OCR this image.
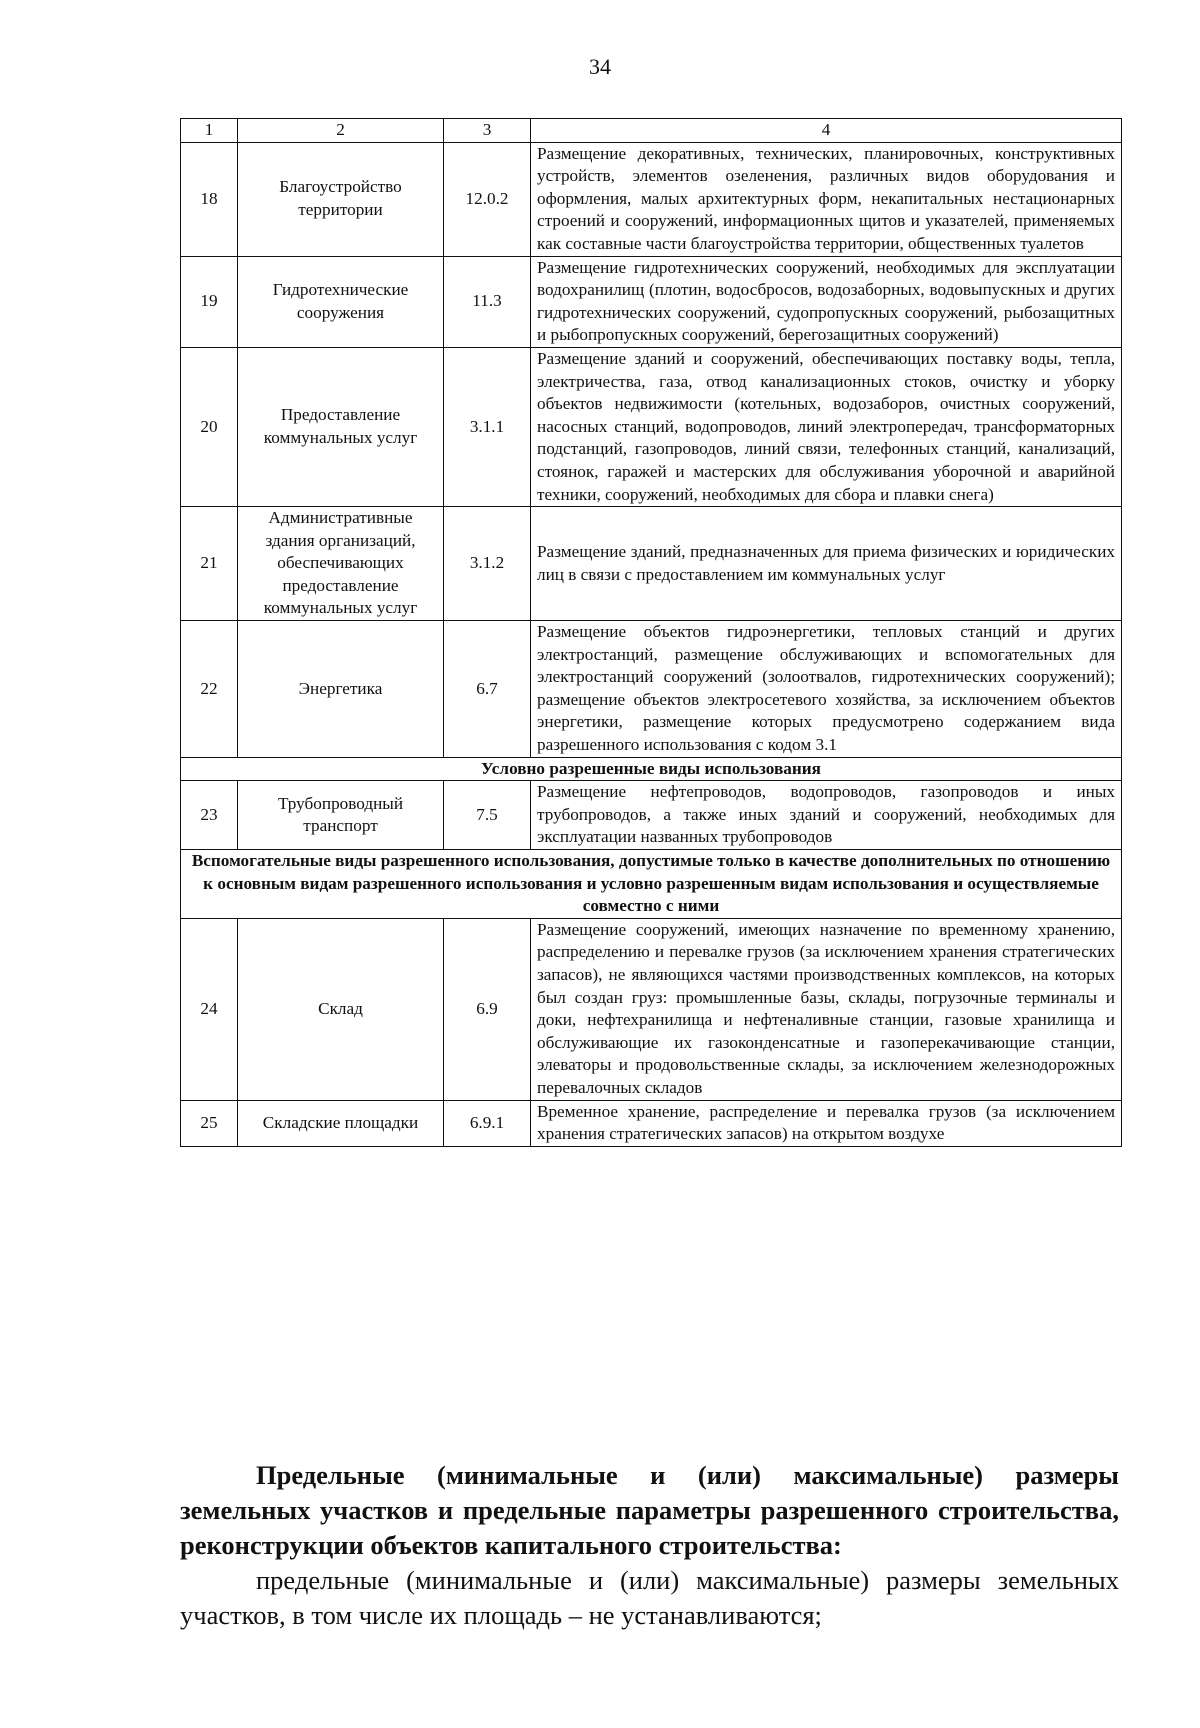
34
1	2	3	4
18	Благоустройство территории	12.0.2	Размещение декоративных, технических, планировочных, конструктивных устройств, элементов озеленения, различных видов оборудования и оформления, малых архитектурных форм, некапитальных нестационарных строений и сооружений, информационных щитов и указателей, применяемых как составные части благоустройства территории, общественных туалетов
19	Гидротехнические сооружения	11.3	Размещение гидротехнических сооружений, необходимых для эксплуатации водохранилищ (плотин, водосбросов, водозаборных, водовыпускных и других гидротехнических сооружений, судопропускных сооружений, рыбозащитных и рыбопропускных сооружений, берегозащитных сооружений)
20	Предоставление коммунальных услуг	3.1.1	Размещение зданий и сооружений, обеспечивающих поставку воды, тепла, электричества, газа, отвод канализационных стоков, очистку и уборку объектов недвижимости (котельных, водозаборов, очистных сооружений, насосных станций, водопроводов, линий электропередач, трансформаторных подстанций, газопроводов, линий связи, телефонных станций, канализаций, стоянок, гаражей и мастерских для обслуживания уборочной и аварийной техники, сооружений, необходимых для сбора и плавки снега)
21	Административные здания организаций, обеспечивающих предоставление коммунальных услуг	3.1.2	Размещение зданий, предназначенных для приема физических и юридических лиц в связи с предоставлением им коммунальных услуг
22	Энергетика	6.7	Размещение объектов гидроэнергетики, тепловых станций и других электростанций, размещение обслуживающих и вспомогательных для электростанций сооружений (золоотвалов, гидротехнических сооружений); размещение объектов электросетевого хозяйства, за исключением объектов энергетики, размещение которых предусмотрено содержанием вида разрешенного использования с кодом 3.1
Условно разрешенные виды использования			
23	Трубопроводный транспорт	7.5	Размещение нефтепроводов, водопроводов, газопроводов и иных трубопроводов, а также иных зданий и сооружений, необходимых для эксплуатации названных трубопроводов
Вспомогательные виды разрешенного использования, допустимые только в качестве дополнительных по отношению к основным видам разрешенного использования и условно разрешенным видам использования и осуществляемые совместно с ними			
24	Склад	6.9	Размещение сооружений, имеющих назначение по временному хранению, распределению и перевалке грузов (за исключением хранения стратегических запасов), не являющихся частями производственных комплексов, на которых был создан груз: промышленные базы, склады, погрузочные терминалы и доки, нефтехранилища и нефтеналивные станции, газовые хранилища и обслуживающие их газоконденсатные и газоперекачивающие станции, элеваторы и продовольственные склады, за исключением железнодорожных перевалочных складов
25	Складские площадки	6.9.1	Временное хранение, распределение и перевалка грузов (за исключением хранения стратегических запасов) на открытом воздухе

Предельные (минимальные и (или) максимальные) размеры земельных участков и предельные параметры разрешенного строительства, реконструкции объектов капитального строительства:

предельные (минимальные и (или) максимальные) размеры земельных участков, в том числе их площадь – не устанавливаются;
